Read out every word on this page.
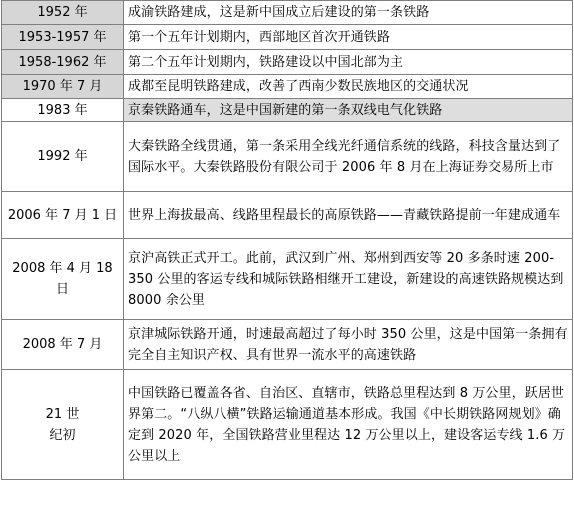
1952 年	成渝铁路建成，这是新中国成立后建设的第一条铁路
1953-1957 年	第一个五年计划期内，西部地区首次开通铁路
1958-1962 年	第二个五年计划期内，铁路建设以中国北部为主
1970 年 7 月	成都至昆明铁路建成，改善了西南少数民族地区的交通状况
1983 年	京秦铁路通车，这是中国新建的第一条双线电气化铁路
1992 年	大秦铁路全线贯通，第一条采用全线光纤通信系统的线路，科技含量达到了国际水平。大秦铁路股份有限公司于 2006 年 8 月在上海证券交易所上市
2006 年 7 月 1 日	世界上海拔最高、线路里程最长的高原铁路——青藏铁路提前一年建成通车
2008 年 4 月 18 日	京沪高铁正式开工。此前，武汉到广州、郑州到西安等 20 多条时速 200-350 公里的客运专线和城际铁路相继开工建设，新建设的高速铁路规模达到 8000 余公里
2008 年 7 月	京津城际铁路开通，时速最高超过了每小时 350 公里，这是中国第一条拥有完全自主知识产权、具有世界一流水平的高速铁路

21 世
纪初	中国铁路已覆盖各省、自治区、直辖市，铁路总里程达到 8 万公里，跃居世界第二。“八纵八横”铁路运输通道基本形成。我国《中长期铁路网规划》确定到 2020 年，全国铁路营业里程达 12 万公里以上，建设客运专线 1.6 万公里以上
